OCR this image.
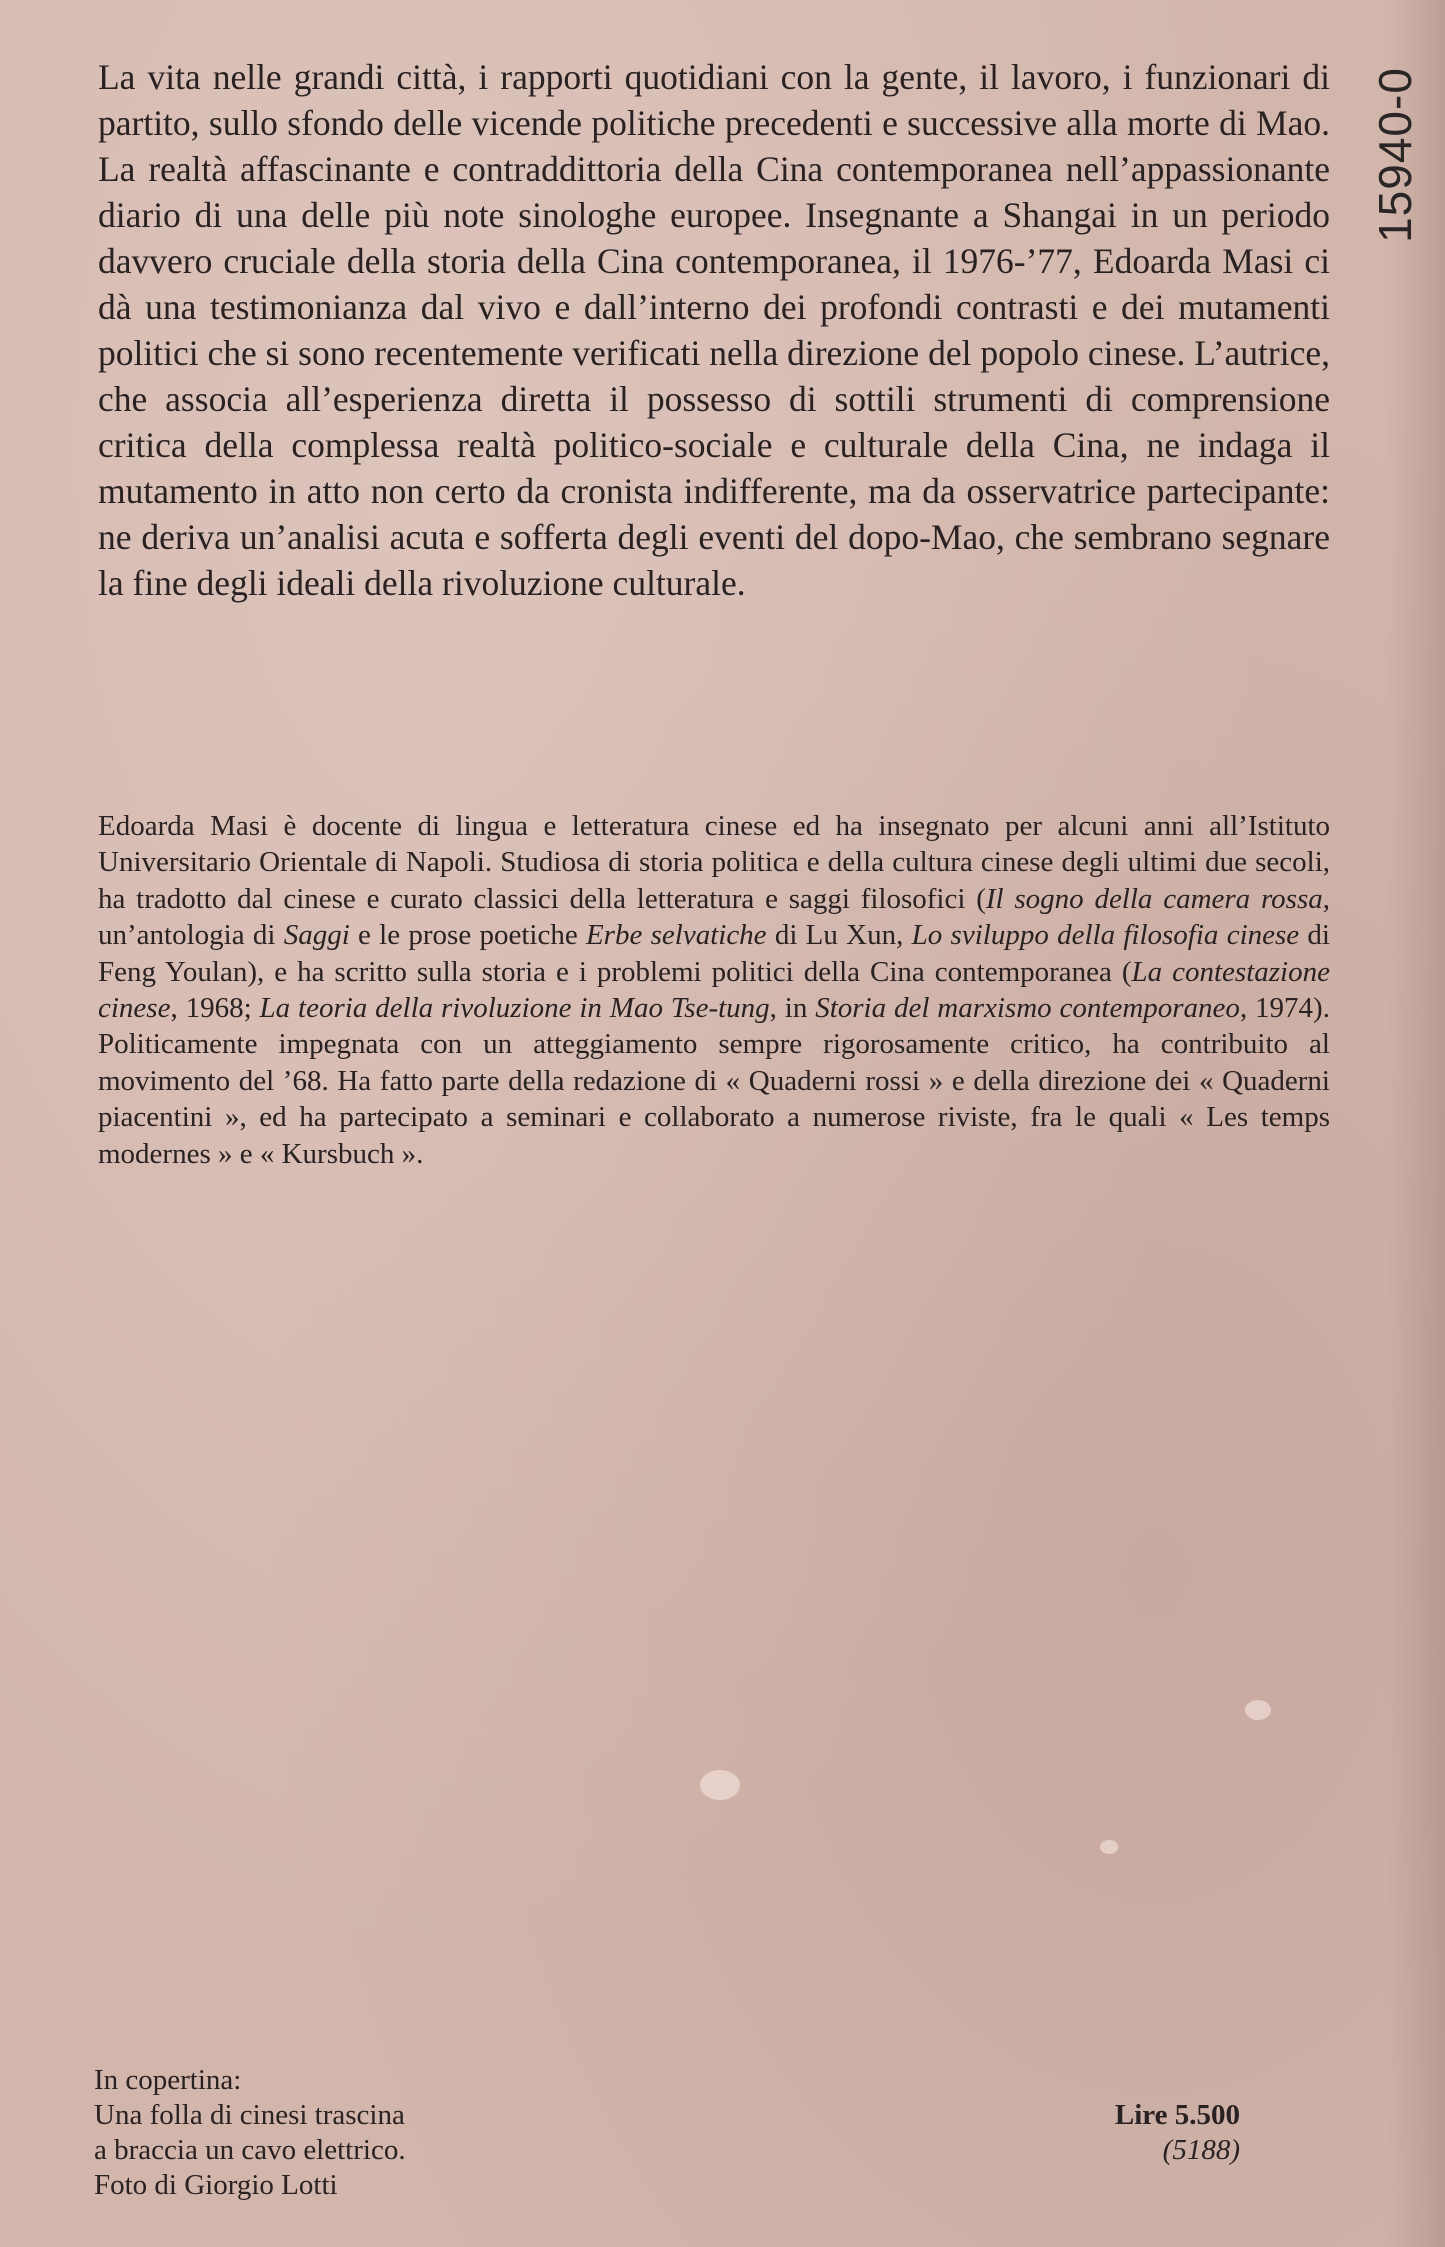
15940-0

La vita nelle grandi città, i rapporti quotidiani con la gente, il lavoro, i funzionari di partito, sullo sfondo delle vicende politiche precedenti e successive alla morte di Mao. La realtà affascinante e contraddittoria della Cina contemporanea nell’appassionante diario di una delle più note sinologhe europee. Insegnante a Shangai in un periodo davvero cruciale della storia della Cina contemporanea, il 1976-’77, Edoarda Masi ci dà una testimonianza dal vivo e dall’interno dei profondi contrasti e dei mutamenti politici che si sono recentemente verificati nella direzione del popolo cinese. L’autrice, che associa all’esperienza diretta il possesso di sottili strumenti di comprensione critica della complessa realtà politico-sociale e culturale della Cina, ne indaga il mutamento in atto non certo da cronista indifferente, ma da osservatrice partecipante: ne deriva un’analisi acuta e sofferta degli eventi del dopo-Mao, che sembrano segnare la fine degli ideali della rivoluzione culturale.

Edoarda Masi è docente di lingua e letteratura cinese ed ha insegnato per alcuni anni all’Istituto Universitario Orientale di Napoli. Studiosa di storia politica e della cultura cinese degli ultimi due secoli, ha tradotto dal cinese e curato classici della letteratura e saggi filosofici (Il sogno della camera rossa, un’antologia di Saggi e le prose poetiche Erbe selvatiche di Lu Xun, Lo sviluppo della filosofia cinese di Feng Youlan), e ha scritto sulla storia e i problemi politici della Cina contemporanea (La contestazione cinese, 1968; La teoria della rivoluzione in Mao Tse-tung, in Storia del marxismo contemporaneo, 1974). Politicamente impegnata con un atteggiamento sempre rigorosamente critico, ha contribuito al movimento del ’68. Ha fatto parte della redazione di « Quaderni rossi » e della direzione dei « Quaderni piacentini », ed ha partecipato a seminari e collaborato a numerose riviste, fra le quali « Les temps modernes » e « Kursbuch ».

In copertina:
Una folla di cinesi trascina
a braccia un cavo elettrico.
Foto di Giorgio Lotti
Lire 5.500
(5188)
